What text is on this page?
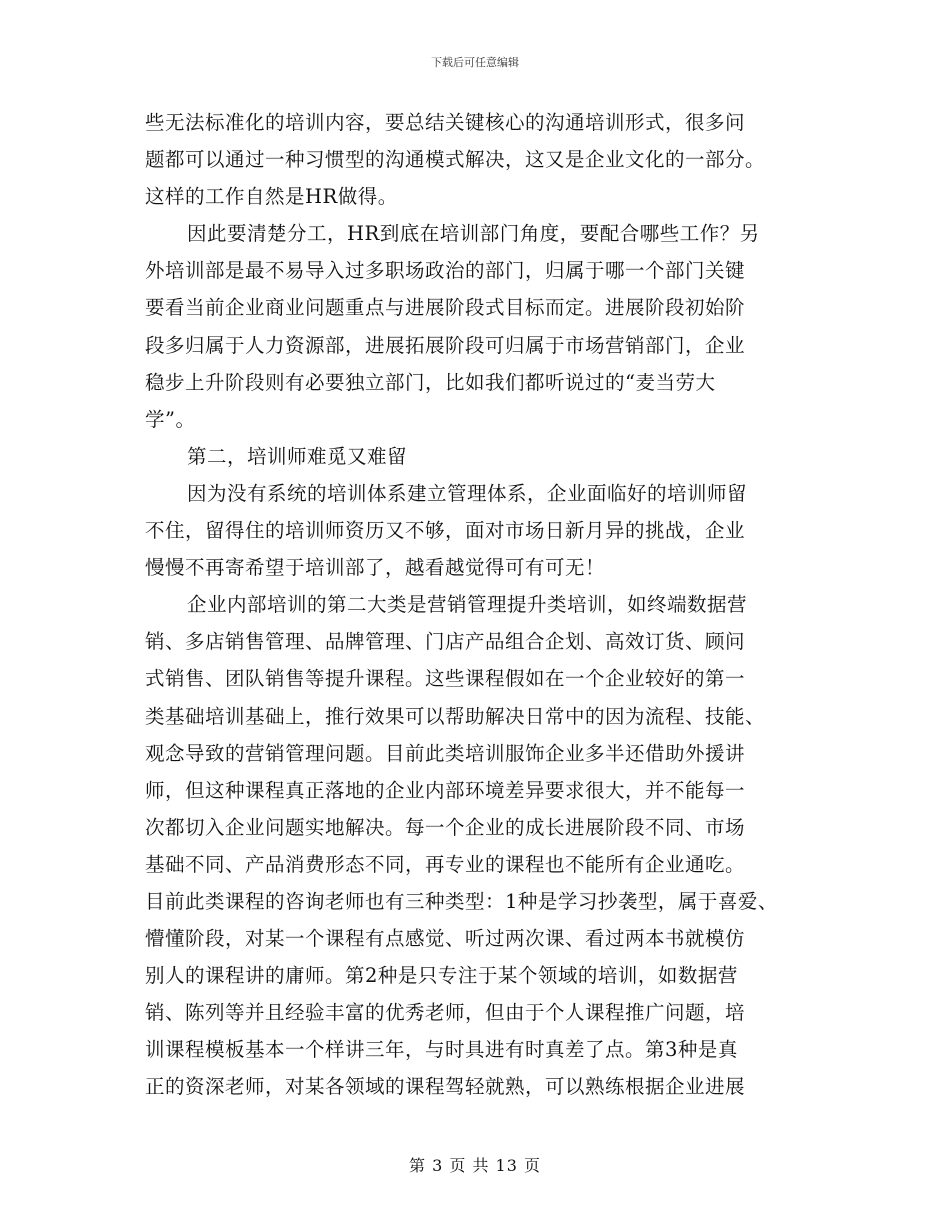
下载后可任意编辑
些无法标准化的培训内容，要总结关键核心的沟通培训形式，很多问
题都可以通过一种习惯型的沟通模式解决，这又是企业文化的一部分。
这样的工作自然是HR做得。
因此要清楚分工，HR到底在培训部门角度，要配合哪些工作？另
外培训部是最不易导入过多职场政治的部门，归属于哪一个部门关键
要看当前企业商业问题重点与进展阶段式目标而定。进展阶段初始阶
段多归属于人力资源部，进展拓展阶段可归属于市场营销部门，企业
稳步上升阶段则有必要独立部门，比如我们都听说过的“麦当劳大
学”。
第二，培训师难觅又难留
因为没有系统的培训体系建立管理体系，企业面临好的培训师留
不住，留得住的培训师资历又不够，面对市场日新月异的挑战，企业
慢慢不再寄希望于培训部了，越看越觉得可有可无！
企业内部培训的第二大类是营销管理提升类培训，如终端数据营
销、多店销售管理、品牌管理、门店产品组合企划、高效订货、顾问
式销售、团队销售等提升课程。这些课程假如在一个企业较好的第一
类基础培训基础上，推行效果可以帮助解决日常中的因为流程、技能、
观念导致的营销管理问题。目前此类培训服饰企业多半还借助外援讲
师，但这种课程真正落地的企业内部环境差异要求很大，并不能每一
次都切入企业问题实地解决。每一个企业的成长进展阶段不同、市场
基础不同、产品消费形态不同，再专业的课程也不能所有企业通吃。
目前此类课程的咨询老师也有三种类型：1种是学习抄袭型，属于喜爱、
懵懂阶段，对某一个课程有点感觉、听过两次课、看过两本书就模仿
别人的课程讲的庸师。第2种是只专注于某个领域的培训，如数据营
销、陈列等并且经验丰富的优秀老师，但由于个人课程推广问题，培
训课程模板基本一个样讲三年，与时具进有时真差了点。第3种是真
正的资深老师，对某各领域的课程驾轻就熟，可以熟练根据企业进展
第 3 页 共 13 页
